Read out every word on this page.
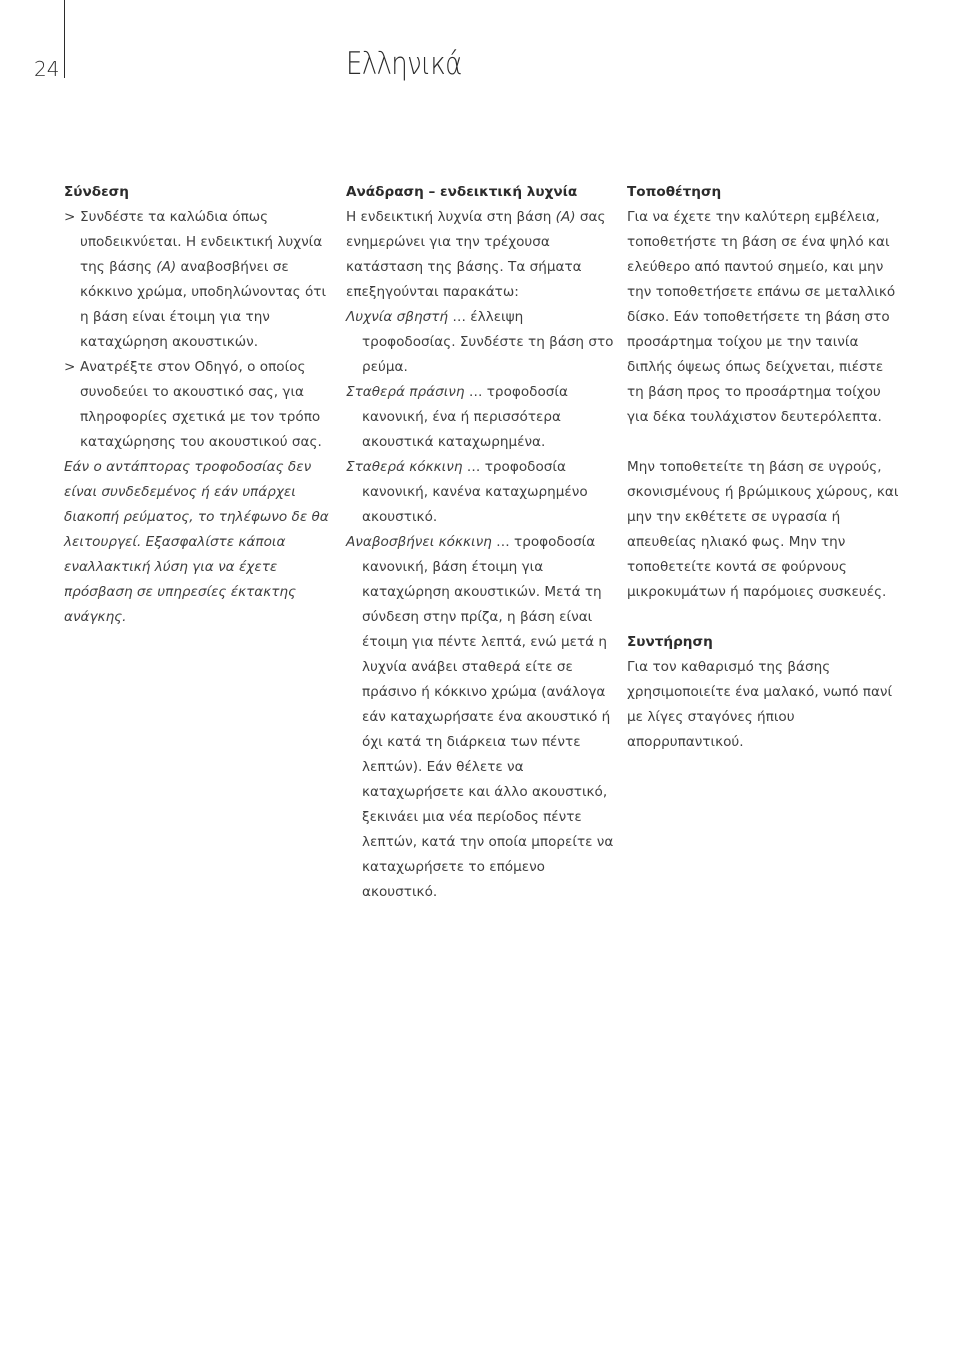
24	Ελληνικά

Σύνδεση

> Συνδέστε τα καλώδια όπως υποδεικνύεται. Η ενδεικτική λυχνία της βάσης (A) αναβοσβήνει σε κόκκινο χρώμα, υποδηλώνοντας ότι η βάση είναι έτοιμη για την καταχώρηση ακουστικών.
> Ανατρέξτε στον Οδηγό, ο οποίος συνοδεύει το ακουστικό σας, για πληροφορίες σχετικά με τον τρόπο καταχώρησης του ακουστικού σας.

Εάν ο αντάπτορας τροφοδοσίας δεν είναι συνδεδεμένος ή εάν υπάρχει διακοπή ρεύματος, το τηλέφωνο δε θα λειτουργεί. Εξασφαλίστε κάποια εναλλακτική λύση για να έχετε πρόσβαση σε υπηρεσίες έκτακτης ανάγκης.

Ανάδραση – ενδεικτική λυχνία

Η ενδεικτική λυχνία στη βάση (A) σας ενημερώνει για την τρέχουσα κατάσταση της βάσης. Τα σήματα επεξηγούνται παρακάτω:

Λυχνία σβηστή … έλλειψη τροφοδοσίας. Συνδέστε τη βάση στο ρεύμα.

Σταθερά πράσινη … τροφοδοσία κανονική, ένα ή περισσότερα ακουστικά καταχωρημένα.

Σταθερά κόκκινη … τροφοδοσία κανονική, κανένα καταχωρημένο ακουστικό.

Αναβοσβήνει κόκκινη … τροφοδοσία κανονική, βάση έτοιμη για καταχώρηση ακουστικών. Μετά τη σύνδεση στην πρίζα, η βάση είναι έτοιμη για πέντε λεπτά, ενώ μετά η λυχνία ανάβει σταθερά είτε σε πράσινο ή κόκκινο χρώμα (ανάλογα εάν καταχωρήσατε ένα ακουστικό ή όχι κατά τη διάρκεια των πέντε λεπτών). Εάν θέλετε να καταχωρήσετε και άλλο ακουστικό, ξεκινάει μια νέα περίοδος πέντε λεπτών, κατά την οποία μπορείτε να καταχωρήσετε το επόμενο ακουστικό.

Τοποθέτηση

Για να έχετε την καλύτερη εμβέλεια, τοποθετήστε τη βάση σε ένα ψηλό και ελεύθερο από παντού σημείο, και μην την τοποθετήσετε επάνω σε μεταλλικό δίσκο. Εάν τοποθετήσετε τη βάση στο προσάρτημα τοίχου με την ταινία διπλής όψεως όπως δείχνεται, πιέστε τη βάση προς το προσάρτημα τοίχου για δέκα τουλάχιστον δευτερόλεπτα.

Μην τοποθετείτε τη βάση σε υγρούς, σκονισμένους ή βρώμικους χώρους, και μην την εκθέτετε σε υγρασία ή απευθείας ηλιακό φως. Μην την τοποθετείτε κοντά σε φούρνους μικροκυμάτων ή παρόμοιες συσκευές.

Συντήρηση

Για τον καθαρισμό της βάσης χρησιμοποιείτε ένα μαλακό, νωπό πανί με λίγες σταγόνες ήπιου απορρυπαντικού.
